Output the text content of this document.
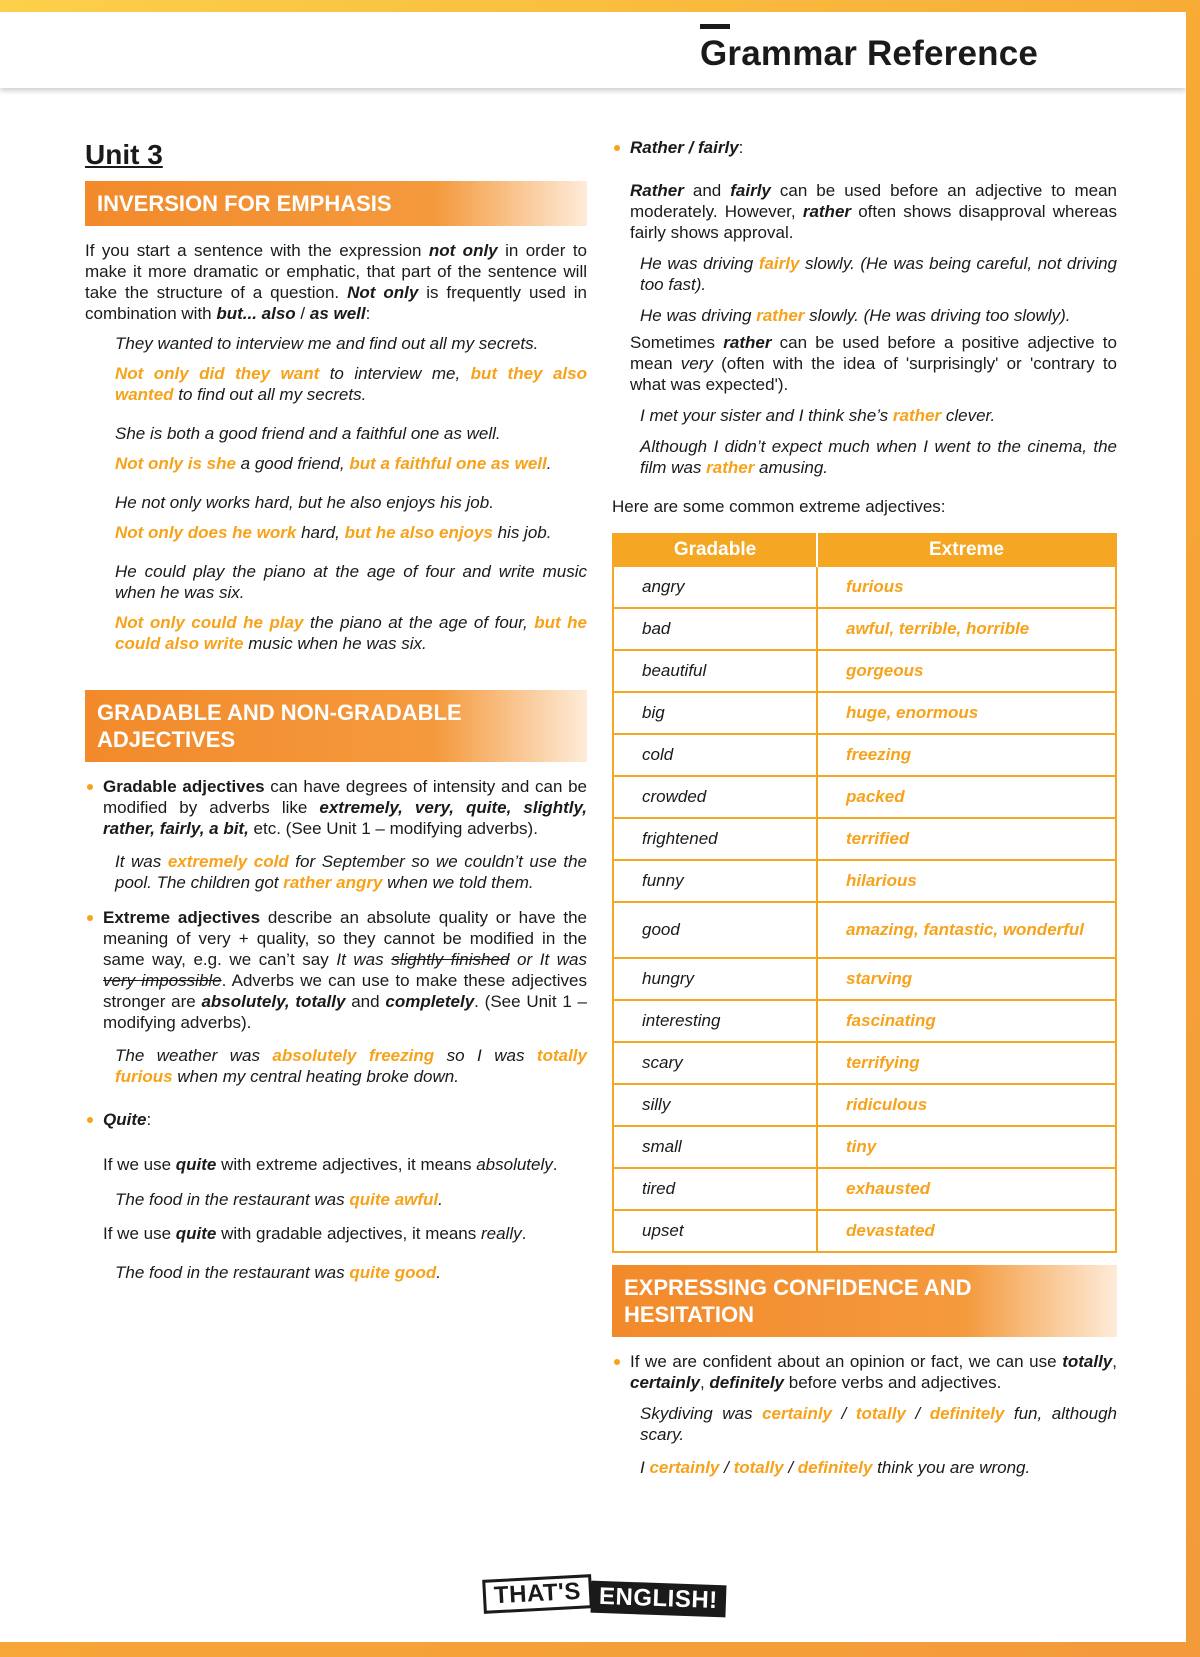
Grammar Reference
Unit 3
INVERSION FOR EMPHASIS

If you start a sentence with the expression not only in order to make it more dramatic or emphatic, that part of the sentence will take the structure of a question. Not only is frequently used in combination with but... also / as well:

They wanted to interview me and find out all my secrets.

Not only did they want to interview me, but they also wanted to find out all my secrets.

She is both a good friend and a faithful one as well.

Not only is she a good friend, but a faithful one as well.

He not only works hard, but he also enjoys his job.

Not only does he work hard, but he also enjoys his job.

He could play the piano at the age of four and write music when he was six.

Not only could he play the piano at the age of four, but he could also write music when he was six.

GRADABLE AND NON-GRADABLE ADJECTIVES

Gradable adjectives can have degrees of intensity and can be modified by adverbs like extremely, very, quite, slightly, rather, fairly, a bit, etc. (See Unit 1 – modifying adverbs).

It was extremely cold for September so we couldn’t use the pool. The children got rather angry when we told them.

Extreme adjectives describe an absolute quality or have the meaning of very + quality, so they cannot be modified in the same way, e.g. we can’t say It was slightly finished or It was very impossible. Adverbs we can use to make these adjectives stronger are absolutely, totally and completely. (See Unit 1 – modifying adverbs).

The weather was absolutely freezing so I was totally furious when my central heating broke down.

Quite:

If we use quite with extreme adjectives, it means absolutely.

The food in the restaurant was quite awful.

If we use quite with gradable adjectives, it means really.

The food in the restaurant was quite good.

Rather / fairly:

Rather and fairly can be used before an adjective to mean moderately. However, rather often shows disapproval whereas fairly shows approval.

He was driving fairly slowly. (He was being careful, not driving too fast).

He was driving rather slowly. (He was driving too slowly).

Sometimes rather can be used before a positive adjective to mean very (often with the idea of 'surprisingly' or 'contrary to what was expected').

I met your sister and I think she’s rather clever.

Although I didn’t expect much when I went to the cinema, the film was rather amusing.

Here are some common extreme adjectives:

Gradable	Extreme
angry	furious
bad	awful, terrible, horrible
beautiful	gorgeous
big	huge, enormous
cold	freezing
crowded	packed
frightened	terrified
funny	hilarious
good	amazing, fantastic, wonderful
hungry	starving
interesting	fascinating
scary	terrifying
silly	ridiculous
small	tiny
tired	exhausted
upset	devastated
EXPRESSING CONFIDENCE AND HESITATION

If we are confident about an opinion or fact, we can use totally, certainly, definitely before verbs and adjectives.

Skydiving was certainly / totally / definitely fun, although scary.

I certainly / totally / definitely think you are wrong.

THAT'S ENGLISH!
